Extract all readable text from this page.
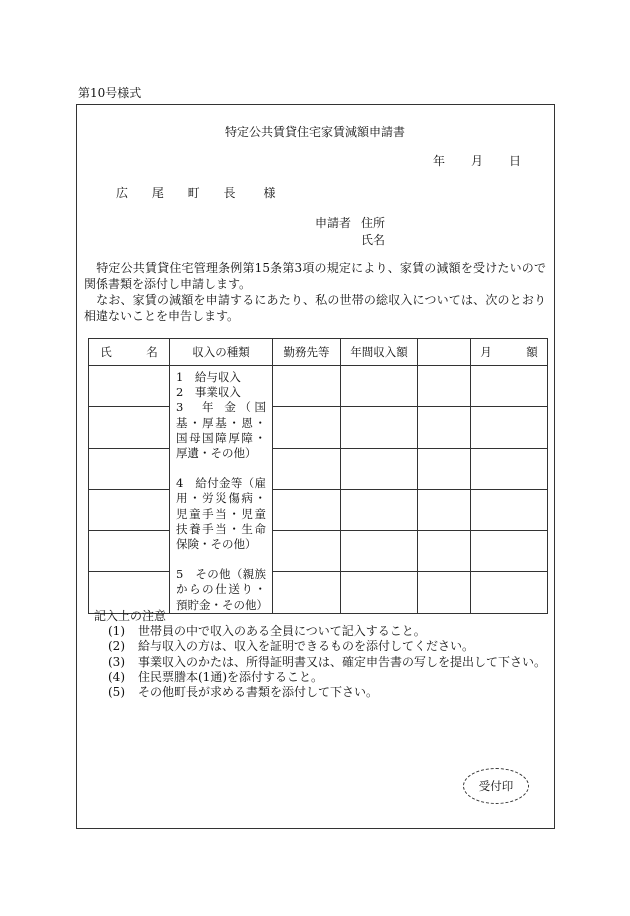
第10号様式
特定公共賃貸住宅家賃減額申請書
年 月 日
広 尾 町 長 様
申請者 住所
氏名
　特定公共賃貸住宅管理条例第15条第3項の規定により、家賃の減額を受けたいので関係書類を添付し申請します。
　なお、家賃の減額を申請するにあたり、私の世帯の総収入については、次のとおり相違ないことを申告します。
氏　　　名	収入の種類	勤務先等	年間収入額		月　　　額

	1　給与収入
2　事業収入
3　年 金（国基・厚基・恩・国母国障厚障・厚遺・その他）
4　給付金等（雇用・労災傷病・児童手当・児童扶養手当・生命保険・その他）
5　その他（親族からの仕送り・預貯金・その他）				

記入上の注意
(1) 世帯員の中で収入のある全員について記入すること。
(2) 給与収入の方は、収入を証明できるものを添付してください。
(3) 事業収入のかたは、所得証明書又は、確定申告書の写しを提出して下さい。
(4) 住民票謄本(1通)を添付すること。
(5) その他町長が求める書類を添付して下さい。
受付印
